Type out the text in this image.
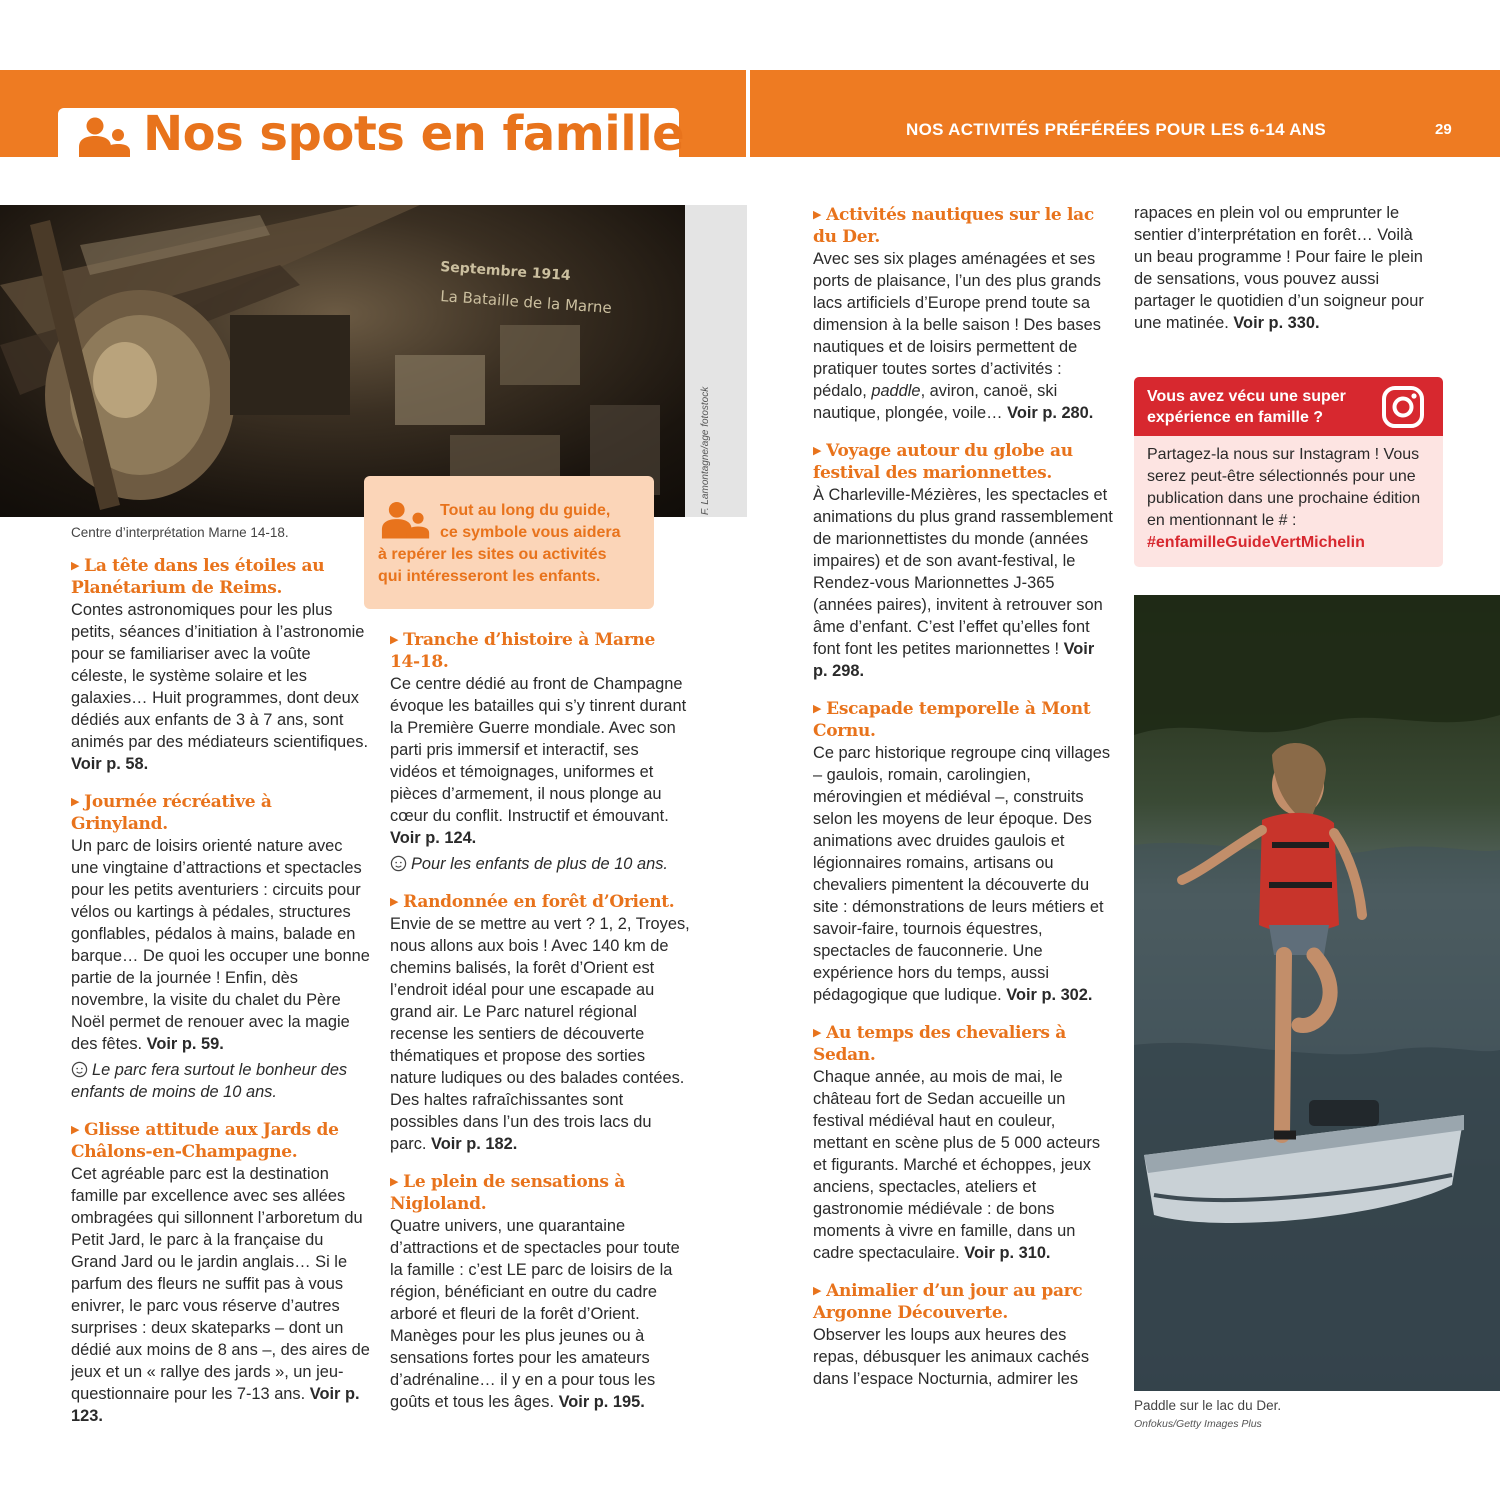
Nos spots en famille	NOS ACTIVITÉS PRÉFÉRÉES POUR LES 6-14 ANS	29
Septembre 1914
La Bataille de la Marne
F. Lamontagne/age fotostock
Centre d’interprétation Marne 14-18.
Tout au long du guide,
ce symbole vous aidera
à repérer les sites ou activités
qui intéresseront les enfants.
▶ La tête dans les étoiles au Planétarium de Reims.
Contes astronomiques pour les plus petits, séances d’initiation à l’astronomie pour se familiariser avec la voûte céleste, le système solaire et les galaxies… Huit programmes, dont deux dédiés aux enfants de 3 à 7 ans, sont animés par des médiateurs scientifiques. Voir p. 58.
▶ Journée récréative à Grinyland.
Un parc de loisirs orienté nature avec une vingtaine d’attractions et spectacles pour les petits aventuriers : circuits pour vélos ou kartings à pédales, structures gonflables, pédalos à mains, balade en barque… De quoi les occuper une bonne partie de la journée ! Enfin, dès novembre, la visite du chalet du Père Noël permet de renouer avec la magie des fêtes. Voir p. 59.
Le parc fera surtout le bonheur des enfants de moins de 10 ans.
▶ Glisse attitude aux Jards de Châlons-en-Champagne.
Cet agréable parc est la destination famille par excellence avec ses allées ombragées qui sillonnent l’arboretum du Petit Jard, le parc à la française du Grand Jard ou le jardin anglais… Si le parfum des fleurs ne suffit pas à vous enivrer, le parc vous réserve d’autres surprises : deux skateparks – dont un dédié aux moins de 8 ans –, des aires de jeux et un « rallye des jards », un jeu-questionnaire pour les 7-13 ans. Voir p. 123.
▶ Tranche d’histoire à Marne 14-18.
Ce centre dédié au front de Champagne évoque les batailles qui s’y tinrent durant la Première Guerre mondiale. Avec son parti pris immersif et interactif, ses vidéos et témoignages, uniformes et pièces d’armement, il nous plonge au cœur du conflit. Instructif et émouvant. Voir p. 124.
Pour les enfants de plus de 10 ans.
▶ Randonnée en forêt d’Orient.
Envie de se mettre au vert ? 1, 2, Troyes, nous allons aux bois ! Avec 140 km de chemins balisés, la forêt d’Orient est l’endroit idéal pour une escapade au grand air. Le Parc naturel régional recense les sentiers de découverte thématiques et propose des sorties nature ludiques ou des balades contées. Des haltes rafraîchissantes sont possibles dans l’un des trois lacs du parc. Voir p. 182.
▶ Le plein de sensations à Nigloland.
Quatre univers, une quarantaine d’attractions et de spectacles pour toute la famille : c’est LE parc de loisirs de la région, bénéficiant en outre du cadre arboré et fleuri de la forêt d’Orient. Manèges pour les plus jeunes ou à sensations fortes pour les amateurs d’adrénaline… il y en a pour tous les goûts et tous les âges. Voir p. 195.
▶ Activités nautiques sur le lac du Der.
Avec ses six plages aménagées et ses ports de plaisance, l’un des plus grands lacs artificiels d’Europe prend toute sa dimension à la belle saison ! Des bases nautiques et de loisirs permettent de pratiquer toutes sortes d’activités : pédalo, paddle, aviron, canoë, ski nautique, plongée, voile… Voir p. 280.
▶ Voyage autour du globe au festival des marionnettes.
À Charleville-Mézières, les spectacles et animations du plus grand rassemblement de marionnettistes du monde (années impaires) et de son avant-festival, le Rendez-vous Marionnettes J-365 (années paires), invitent à retrouver son âme d’enfant. C’est l’effet qu’elles font font font les petites marionnettes ! Voir p. 298.
▶ Escapade temporelle à Mont Cornu.
Ce parc historique regroupe cinq villages – gaulois, romain, carolingien, mérovingien et médiéval –, construits selon les moyens de leur époque. Des animations avec druides gaulois et légionnaires romains, artisans ou chevaliers pimentent la découverte du site : démonstrations de leurs métiers et savoir-faire, tournois équestres, spectacles de fauconnerie. Une expérience hors du temps, aussi pédagogique que ludique. Voir p. 302.
▶ Au temps des chevaliers à Sedan.
Chaque année, au mois de mai, le château fort de Sedan accueille un festival médiéval haut en couleur, mettant en scène plus de 5 000 acteurs et figurants. Marché et échoppes, jeux anciens, spectacles, ateliers et gastronomie médiévale : de bons moments à vivre en famille, dans un cadre spectaculaire. Voir p. 310.
▶ Animalier d’un jour au parc Argonne Découverte.
Observer les loups aux heures des repas, débusquer les animaux cachés dans l’espace Nocturnia, admirer les
rapaces en plein vol ou emprunter le sentier d’interprétation en forêt… Voilà un beau programme ! Pour faire le plein de sensations, vous pouvez aussi partager le quotidien d’un soigneur pour une matinée. Voir p. 330.
Vous avez vécu une super expérience en famille ?
Partagez-la nous sur Instagram ! Vous serez peut-être sélectionnés pour une publication dans une prochaine édition en mentionnant le # : #enfamilleGuideVertMichelin
Paddle sur le lac du Der.
Onfokus/Getty Images Plus
